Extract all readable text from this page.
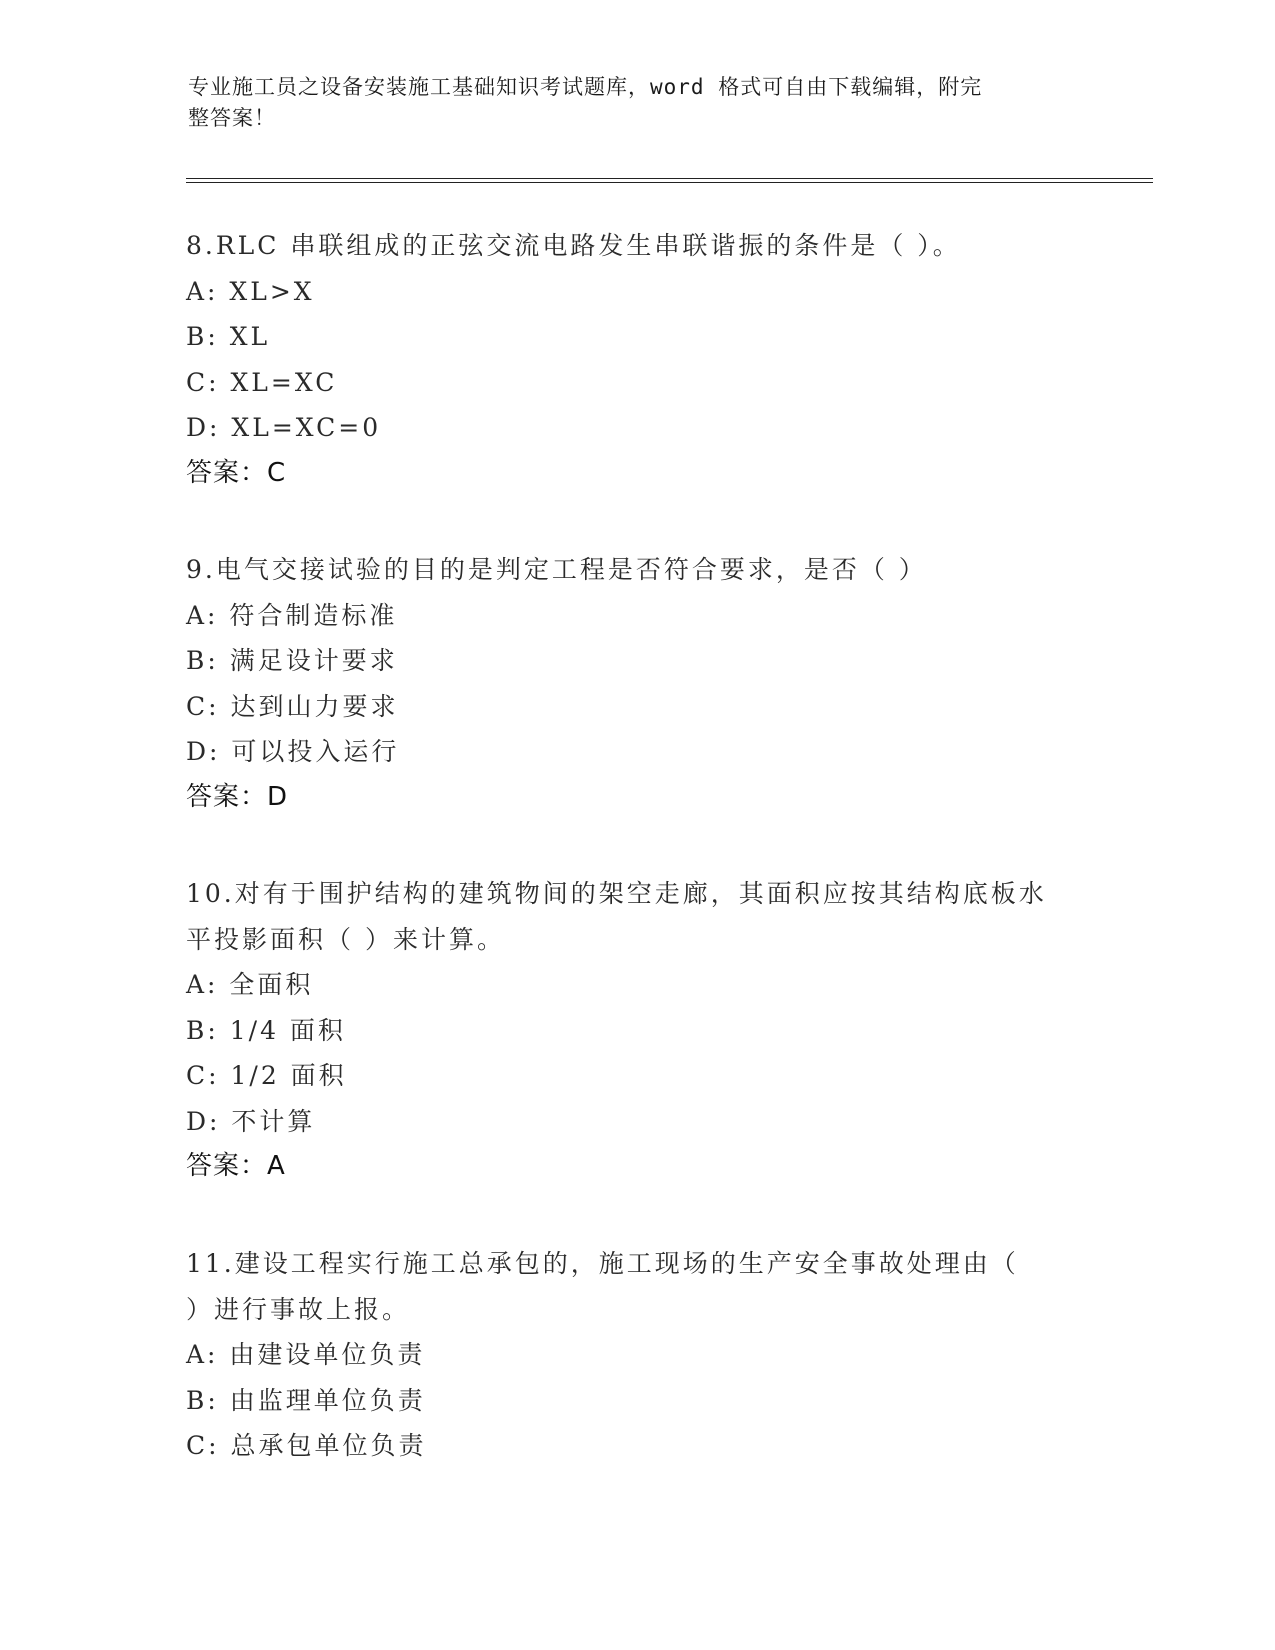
专业施工员之设备安装施工基础知识考试题库，word 格式可自由下载编辑，附完
整答案！
8.RLC 串联组成的正弦交流电路发生串联谐振的条件是（ ）。
A: XL>X
B: XL
C: XL=XC
D: XL=XC=0
答案：C
9.电气交接试验的目的是判定工程是否符合要求，是否（ ）
A: 符合制造标准
B: 满足设计要求
C: 达到山力要求
D: 可以投入运行
答案：D
10.对有于围护结构的建筑物间的架空走廊，其面积应按其结构底板水
平投影面积（ ）来计算。
A: 全面积
B: 1/4 面积
C: 1/2 面积
D: 不计算
答案：A
11.建设工程实行施工总承包的，施工现场的生产安全事故处理由（
）进行事故上报。
A: 由建设单位负责
B: 由监理单位负责
C: 总承包单位负责
